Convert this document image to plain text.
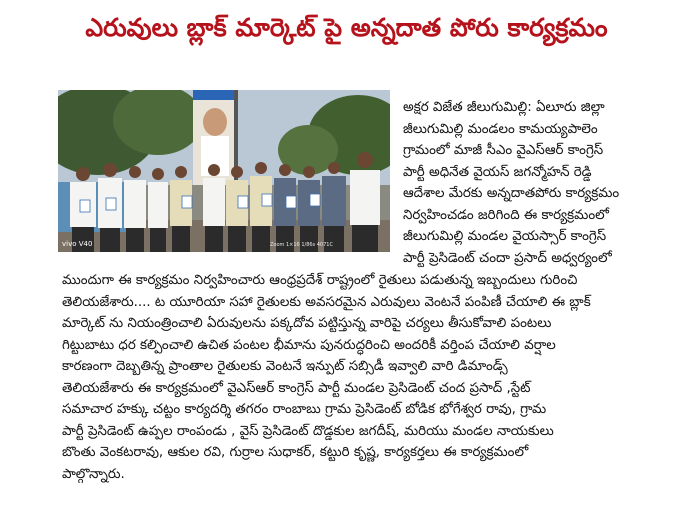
ఎరువులు బ్లాక్ మార్కెట్ పై అన్నదాత పోరు కార్యక్రమం
vivo V40	Zoom 1×16 1/86s 4071C
అక్షర విజేత జీలుగుమిల్లి: ఏలూరు జిల్లా
జీలుగుమిల్లి మండలం కామయ్యపాలెం
గ్రామంలో మాజీ సీఎం వైఎస్ఆర్ కాంగ్రెస్
పార్టీ అధినేత వైయస్ జగన్మోహన్ రెడ్డి
ఆదేశాల మేరకు అన్నదాతపోరు కార్యక్రమం
నిర్వహించడం జరిగింది ఈ కార్యక్రమంలో
జీలుగుమిల్లి మండల వైయస్సార్ కాంగ్రెస్
పార్టీ ప్రెసిడెంట్ చందా ప్రసాద్ అధ్వర్యంలో
ముందుగా ఈ కార్యక్రమం నిర్వహించారు ఆంధ్రప్రదేశ్ రాష్ట్రంలో రైతులు పడుతున్న ఇబ్బందులు గురించి
తెలియజేశారు.... ట యూరియా సహా రైతులకు అవసరమైన ఎరువులు వెంటనే పంపిణీ చేయాలి ఈ బ్లాక్
మార్కెట్ ను నియంత్రించాలి ఏరువులను పక్కదోవ పట్టిస్తున్న వారిపై చర్యలు తీసుకోవాలి పంటలు
గిట్టుబాటు ధర కల్పించాలి ఉచిత పంటల భీమాను పునరుద్ధరించి అందరికీ వర్తింప చేయాలి వర్షాల
కారణంగా దెబ్బతిన్న ప్రాంతాల రైతులకు వెంటనే ఇన్పుట్ సబ్సిడీ ఇవ్వాలి వారి డిమాండ్స్
తెలియజేశారు ఈ కార్యక్రమంలో వైఎస్ఆర్ కాంగ్రెస్ పార్టీ మండల ప్రెసిడెంట్ చంద ప్రసాద్ ,స్టేట్
సమాచార హక్కు చట్టం కార్యదర్శి తగరం రాంబాబు గ్రామ ప్రెసిడెంట్ బోడిక భోగేశ్వర రావు, గ్రామ
పార్టీ ప్రెసిడెంట్ ఉప్పల రాంపండు , వైస్ ప్రెసిడెంట్ దొడ్డకుల జగదీష్, మరియు మండల నాయకులు
బొంతు వెంకటరావు, ఆకుల రవి, గుర్రాల సుధాకర్, కట్టురి కృష్ణ, కార్యకర్తలు ఈ కార్యక్రమంలో
పాల్గొన్నారు.
